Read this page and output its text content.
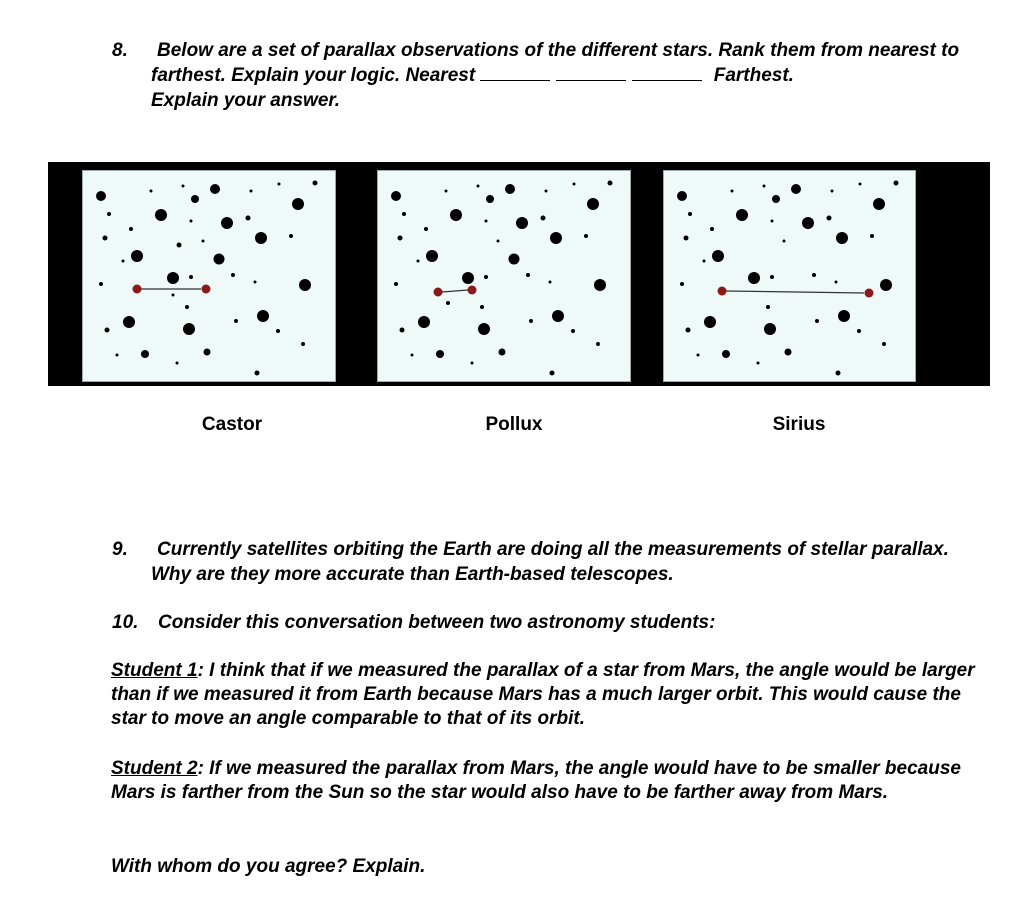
8.	Below are a set of parallax observations of the different stars. Rank them from nearest to farthest. Explain your logic. Nearest	Farthest.
Explain your answer.
Castor	Pollux	Sirius
9.	Currently satellites orbiting the Earth are doing all the measurements of stellar parallax. Why are they more accurate than Earth-based telescopes.
10.	Consider this conversation between two astronomy students:
Student 1: I think that if we measured the parallax of a star from Mars, the angle would be larger than if we measured it from Earth because Mars has a much larger orbit. This would cause the star to move an angle comparable to that of its orbit.
Student 2: If we measured the parallax from Mars, the angle would have to be smaller because Mars is farther from the Sun so the star would also have to be farther away from Mars.
With whom do you agree? Explain.
